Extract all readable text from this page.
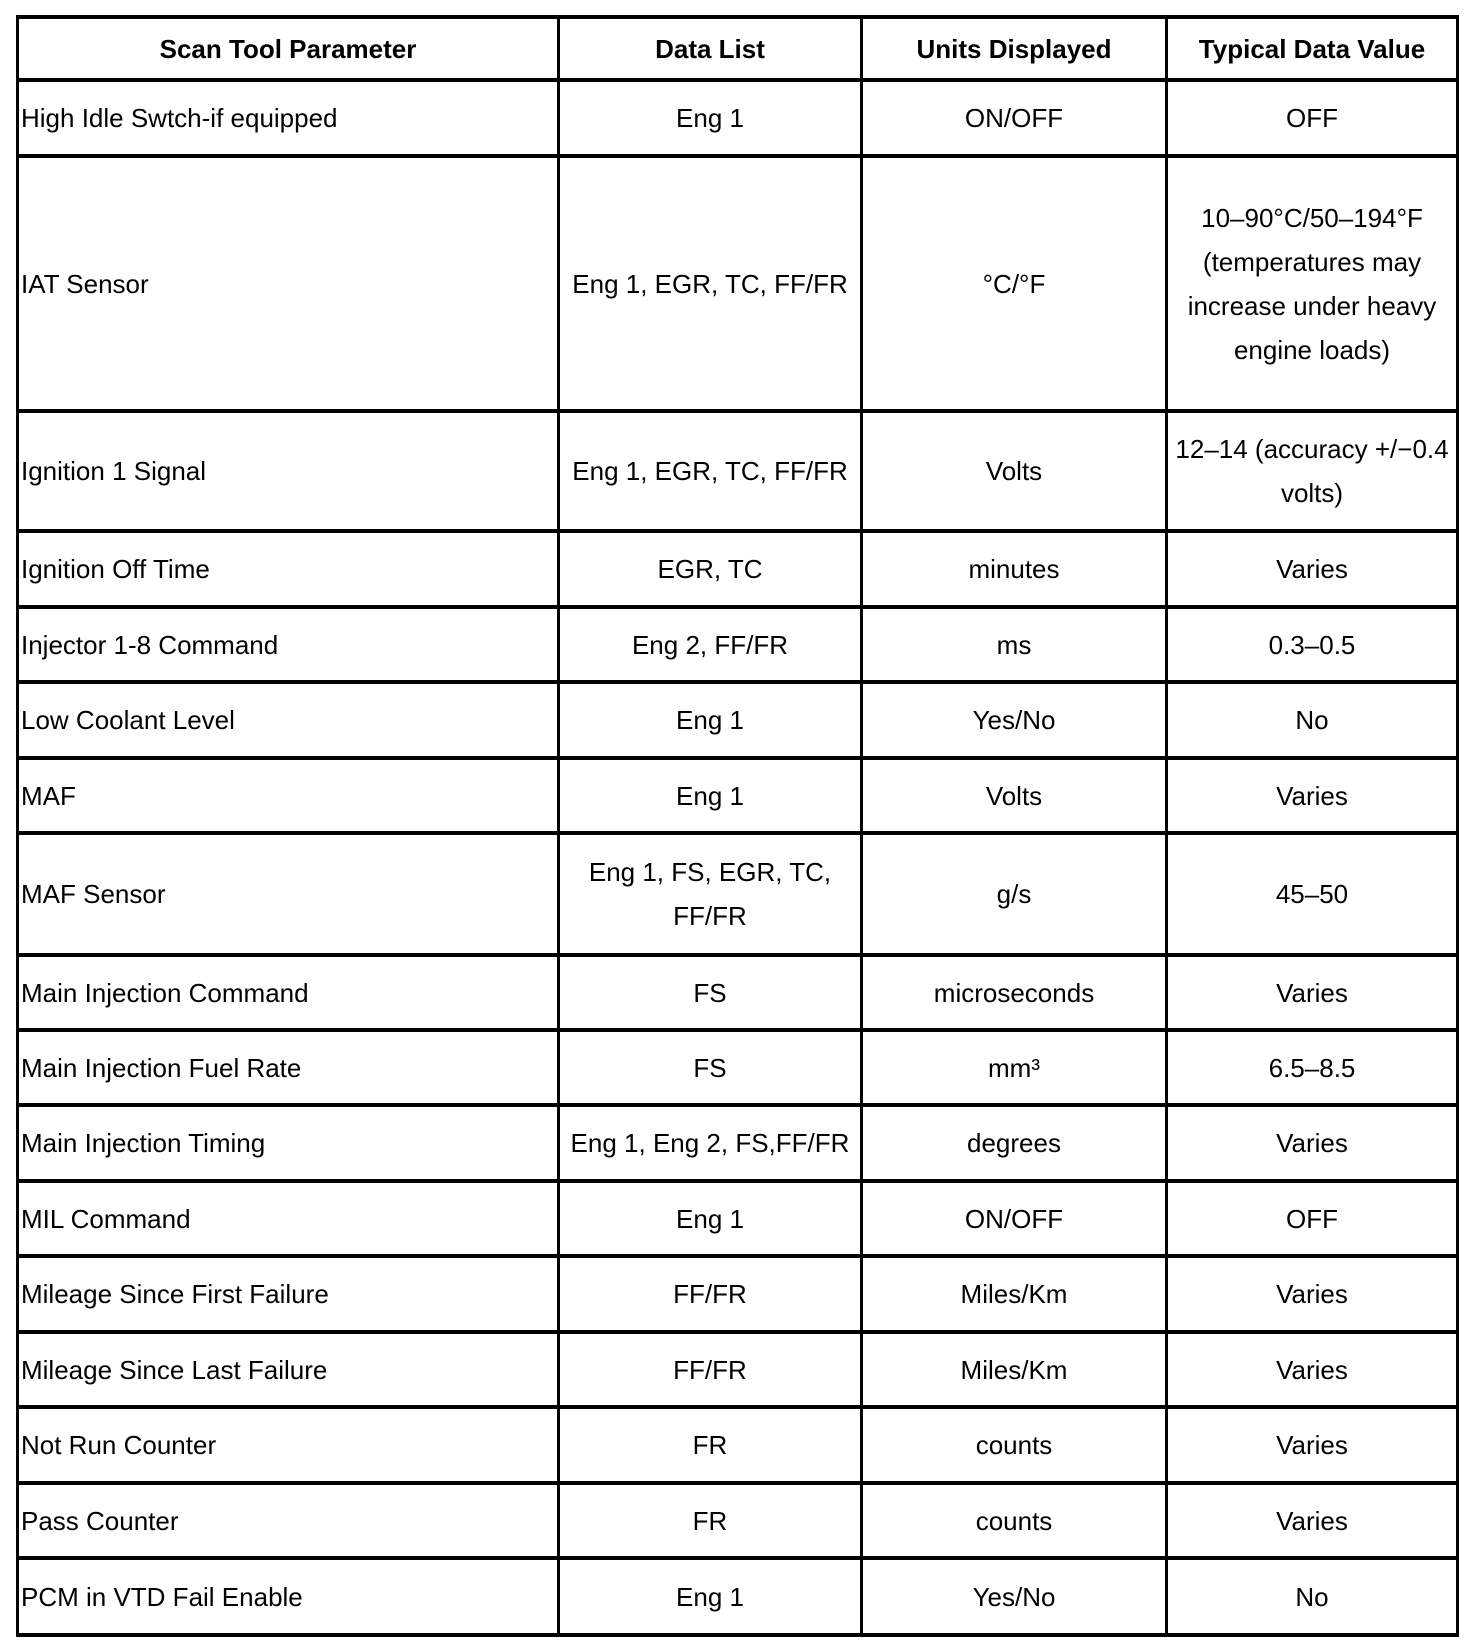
Scan Tool Parameter	Data List	Units Displayed	Typical Data Value

High Idle Swtch-if equipped	Eng 1	ON/OFF	OFF

IAT Sensor	Eng 1, EGR, TC, FF/FR	°C/°F	10–90°C/50–194°F (temperatures may increase under heavy engine loads)

Ignition 1 Signal	Eng 1, EGR, TC, FF/FR	Volts	12–14 (accuracy +/−0.4 volts)

Ignition Off Time	EGR, TC	minutes	Varies

Injector 1-8 Command	Eng 2, FF/FR	ms	0.3–0.5

Low Coolant Level	Eng 1	Yes/No	No

MAF	Eng 1	Volts	Varies

MAF Sensor	Eng 1, FS, EGR, TC, FF/FR	g/s	45–50

Main Injection Command	FS	microseconds	Varies

Main Injection Fuel Rate	FS	mm³	6.5–8.5

Main Injection Timing	Eng 1, Eng 2, FS,FF/FR	degrees	Varies

MIL Command	Eng 1	ON/OFF	OFF

Mileage Since First Failure	FF/FR	Miles/Km	Varies

Mileage Since Last Failure	FF/FR	Miles/Km	Varies

Not Run Counter	FR	counts	Varies

Pass Counter	FR	counts	Varies

PCM in VTD Fail Enable	Eng 1	Yes/No	No
